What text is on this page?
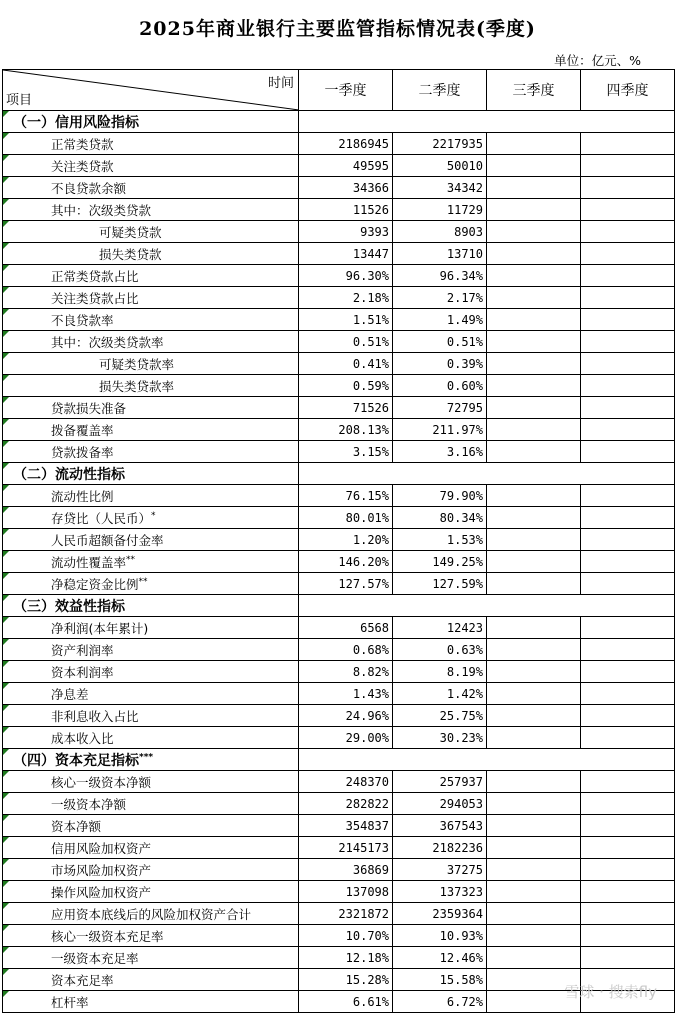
2025年商业银行主要监管指标情况表(季度)
单位：亿元、%
时间
项目	一季度	二季度	三季度	四季度
（一）信用风险指标				
正常类贷款	2186945	2217935		
关注类贷款	49595	50010		
不良贷款余额	34366	34342		
其中：次级类贷款	11526	11729		
可疑类贷款	9393	8903		
损失类贷款	13447	13710		
正常类贷款占比	96.30%	96.34%		
关注类贷款占比	2.18%	2.17%		
不良贷款率	1.51%	1.49%		
其中：次级类贷款率	0.51%	0.51%		
可疑类贷款率	0.41%	0.39%		
损失类贷款率	0.59%	0.60%		
贷款损失准备	71526	72795		
拨备覆盖率	208.13%	211.97%		
贷款拨备率	3.15%	3.16%		
（二）流动性指标				
流动性比例	76.15%	79.90%		
存贷比（人民币）*	80.01%	80.34%		
人民币超额备付金率	1.20%	1.53%		
流动性覆盖率**	146.20%	149.25%		
净稳定资金比例**	127.57%	127.59%		
（三）效益性指标				
净利润(本年累计)	6568	12423		
资产利润率	0.68%	0.63%		
资本利润率	8.82%	8.19%		
净息差	1.43%	1.42%		
非利息收入占比	24.96%	25.75%		
成本收入比	29.00%	30.23%		
（四）资本充足指标***	
核心一级资本净额	248370	257937		
一级资本净额	282822	294053		
资本净额	354837	367543		
信用风险加权资产	2145173	2182236		
市场风险加权资产	36869	37275		
操作风险加权资产	137098	137323		
应用资本底线后的风险加权资产合计	2321872	2359364		
核心一级资本充足率	10.70%	10.93%		
一级资本充足率	12.18%	12.46%		
资本充足率	15.28%	15.58%		
杠杆率	6.61%	6.72%		
雪球 · 搜索fly
